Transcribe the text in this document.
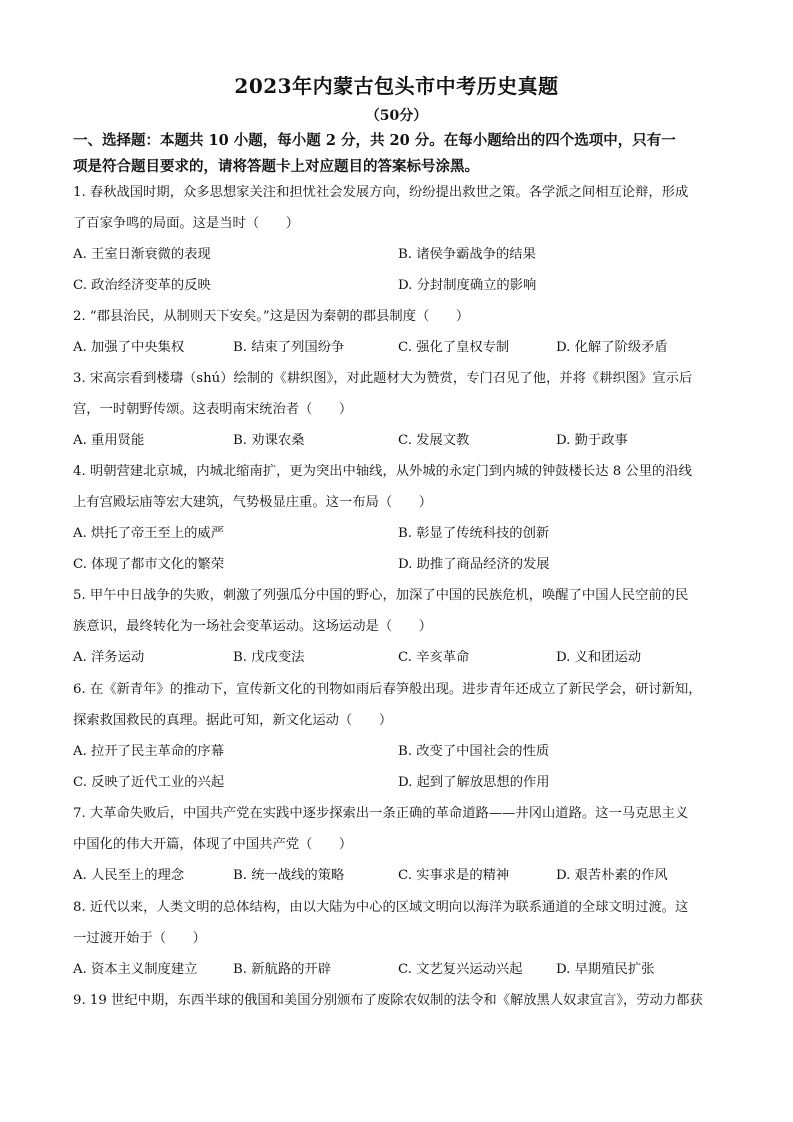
2023年内蒙古包头市中考历史真题
（50分）
一、选择题：本题共 10 小题，每小题 2 分，共 20 分。在每小题给出的四个选项中，只有一
项是符合题目要求的，请将答题卡上对应题目的答案标号涂黑。
1. 春秋战国时期，众多思想家关注和担忧社会发展方向，纷纷提出救世之策。各学派之间相互论辩，形成
了百家争鸣的局面。这是当时（　　）
A. 王室日渐衰微的表现	B. 诸侯争霸战争的结果
C. 政治经济变革的反映	D. 分封制度确立的影响
2. “郡县治民，从制则天下安矣。”这是因为秦朝的郡县制度（　　）
A. 加强了中央集权	B. 结束了列国纷争	C. 强化了皇权专制	D. 化解了阶级矛盾
3. 宋高宗看到楼璹（shú）绘制的《耕织图》，对此题材大为赞赏，专门召见了他，并将《耕织图》宣示后
宫，一时朝野传颂。这表明南宋统治者（　　）
A. 重用贤能	B. 劝课农桑	C. 发展文教	D. 勤于政事
4. 明朝营建北京城，内城北缩南扩，更为突出中轴线，从外城的永定门到内城的钟鼓楼长达 8 公里的沿线
上有宫殿坛庙等宏大建筑，气势极显庄重。这一布局（　　）
A. 烘托了帝王至上的威严	B. 彰显了传统科技的创新
C. 体现了都市文化的繁荣	D. 助推了商品经济的发展
5. 甲午中日战争的失败，刺激了列强瓜分中国的野心，加深了中国的民族危机，唤醒了中国人民空前的民
族意识，最终转化为一场社会变革运动。这场运动是（　　）
A. 洋务运动	B. 戊戌变法	C. 辛亥革命	D. 义和团运动
6. 在《新青年》的推动下，宣传新文化的刊物如雨后春笋般出现。进步青年还成立了新民学会，研讨新知，
探索救国救民的真理。据此可知，新文化运动（　　）
A. 拉开了民主革命的序幕	B. 改变了中国社会的性质
C. 反映了近代工业的兴起	D. 起到了解放思想的作用
7. 大革命失败后，中国共产党在实践中逐步探索出一条正确的革命道路——井冈山道路。这一马克思主义
中国化的伟大开篇，体现了中国共产党（　　）
A. 人民至上的理念	B. 统一战线的策略	C. 实事求是的精神	D. 艰苦朴素的作风
8. 近代以来，人类文明的总体结构，由以大陆为中心的区域文明向以海洋为联系通道的全球文明过渡。这
一过渡开始于（　　）
A. 资本主义制度建立	B. 新航路的开辟	C. 文艺复兴运动兴起	D. 早期殖民扩张
9. 19 世纪中期，东西半球的俄国和美国分别颁布了废除农奴制的法令和《解放黑人奴隶宣言》，劳动力都获
